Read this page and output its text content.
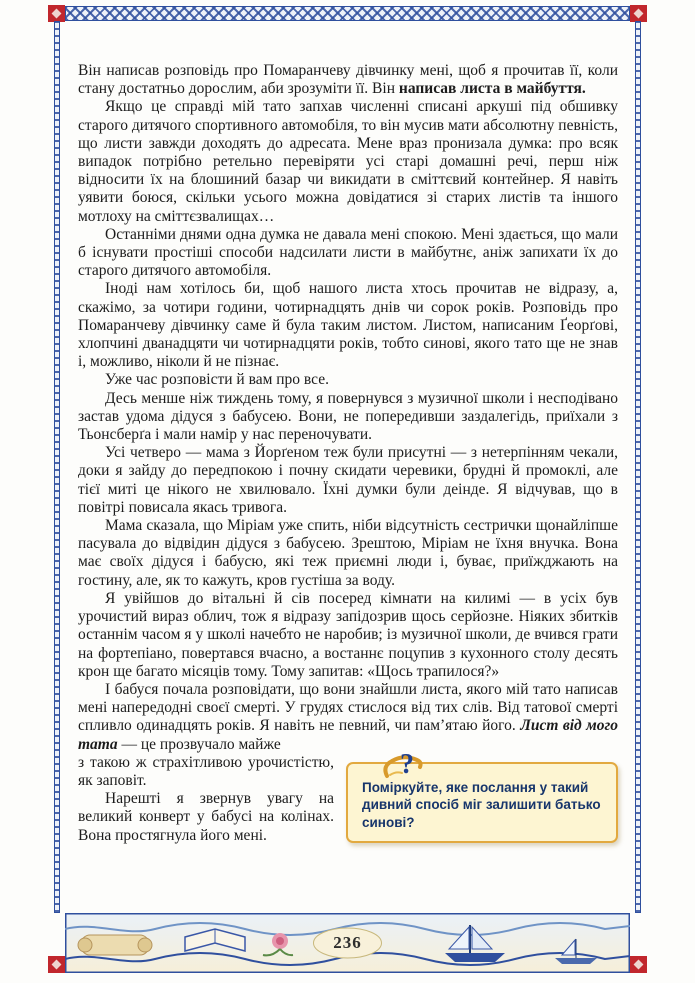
Він написав розповідь про Помаранчеву дівчинку мені, щоб я прочитав її, коли стану достатньо дорослим, аби зрозуміти її. Він написав листа в майбуття.

Якщо це справді мій тато запхав численні списані аркуші під обшивку старого дитячого спортивного автомобіля, то він мусив мати абсолютну певність, що листи завжди доходять до адресата. Мене враз пронизала думка: про всяк випадок потрібно ретельно перевіряти усі старі домашні речі, перш ніж відносити їх на блошиний базар чи викидати в сміттєвий контейнер. Я навіть уявити боюся, скільки усього можна довідатися зі старих листів та іншого мотлоху на сміттєзвалищах…

Останніми днями одна думка не давала мені спокою. Мені здається, що мали б існувати простіші способи надсилати листи в майбутнє, аніж запихати їх до старого дитячого автомобіля.

Іноді нам хотілось би, щоб нашого листа хтось прочитав не відразу, а, скажімо, за чотири години, чотирнадцять днів чи сорок років. Розповідь про Помаранчеву дівчинку саме й була таким листом. Листом, написаним Ґеорґові, хлопчині дванадцяти чи чотирнадцяти років, тобто синові, якого тато ще не знав і, можливо, ніколи й не пізнає.

Уже час розповісти й вам про все.

Десь менше ніж тиждень тому, я повернувся з музичної школи і несподівано застав удома дідуся з бабусею. Вони, не попередивши заздалегідь, приїхали з Тьонсберґа і мали намір у нас переночувати.

Усі четверо — мама з Йорґеном теж були присутні — з нетерпінням чекали, доки я зайду до передпокою і почну скидати черевики, брудні й промоклі, але тієї миті це нікого не хвилювало. Їхні думки були деінде. Я відчував, що в повітрі повисала якась тривога.

Мама сказала, що Міріам уже спить, ніби відсутність сестрички щонайліпше пасувала до відвідин дідуся з бабусею. Зрештою, Міріам не їхня внучка. Вона має своїх дідуся і бабусю, які теж приємні люди і, буває, приїжджають на гостину, але, як то кажуть, кров густіша за воду.

Я увійшов до вітальні й сів посеред кімнати на килимі — в усіх був урочистий вираз облич, тож я відразу запідозрив щось серйозне. Ніяких збитків останнім часом я у школі начебто не наробив; із музичної школи, де вчився грати на фортепіано, повертався вчасно, а востаннє поцупив з кухонного столу десять крон ще багато місяців тому. Тому запитав: «Щось трапилося?»

І бабуся почала розповідати, що вони знайшли листа, якого мій тато написав мені напередодні своєї смерті. У грудях стислося від тих слів. Від татової смерті спливло одинадцять років. Я навіть не певний, чи пам’ятаю його. Лист від мого тата — це прозвучало майже

?

Поміркуйте, яке послання у такий дивний спосіб міг залишити батько синові?

з такою ж страхітливою урочистістю, як заповіт.

Нарешті я звернув увагу на великий конверт у бабусі на колінах. Вона простягнула його мені.

236
